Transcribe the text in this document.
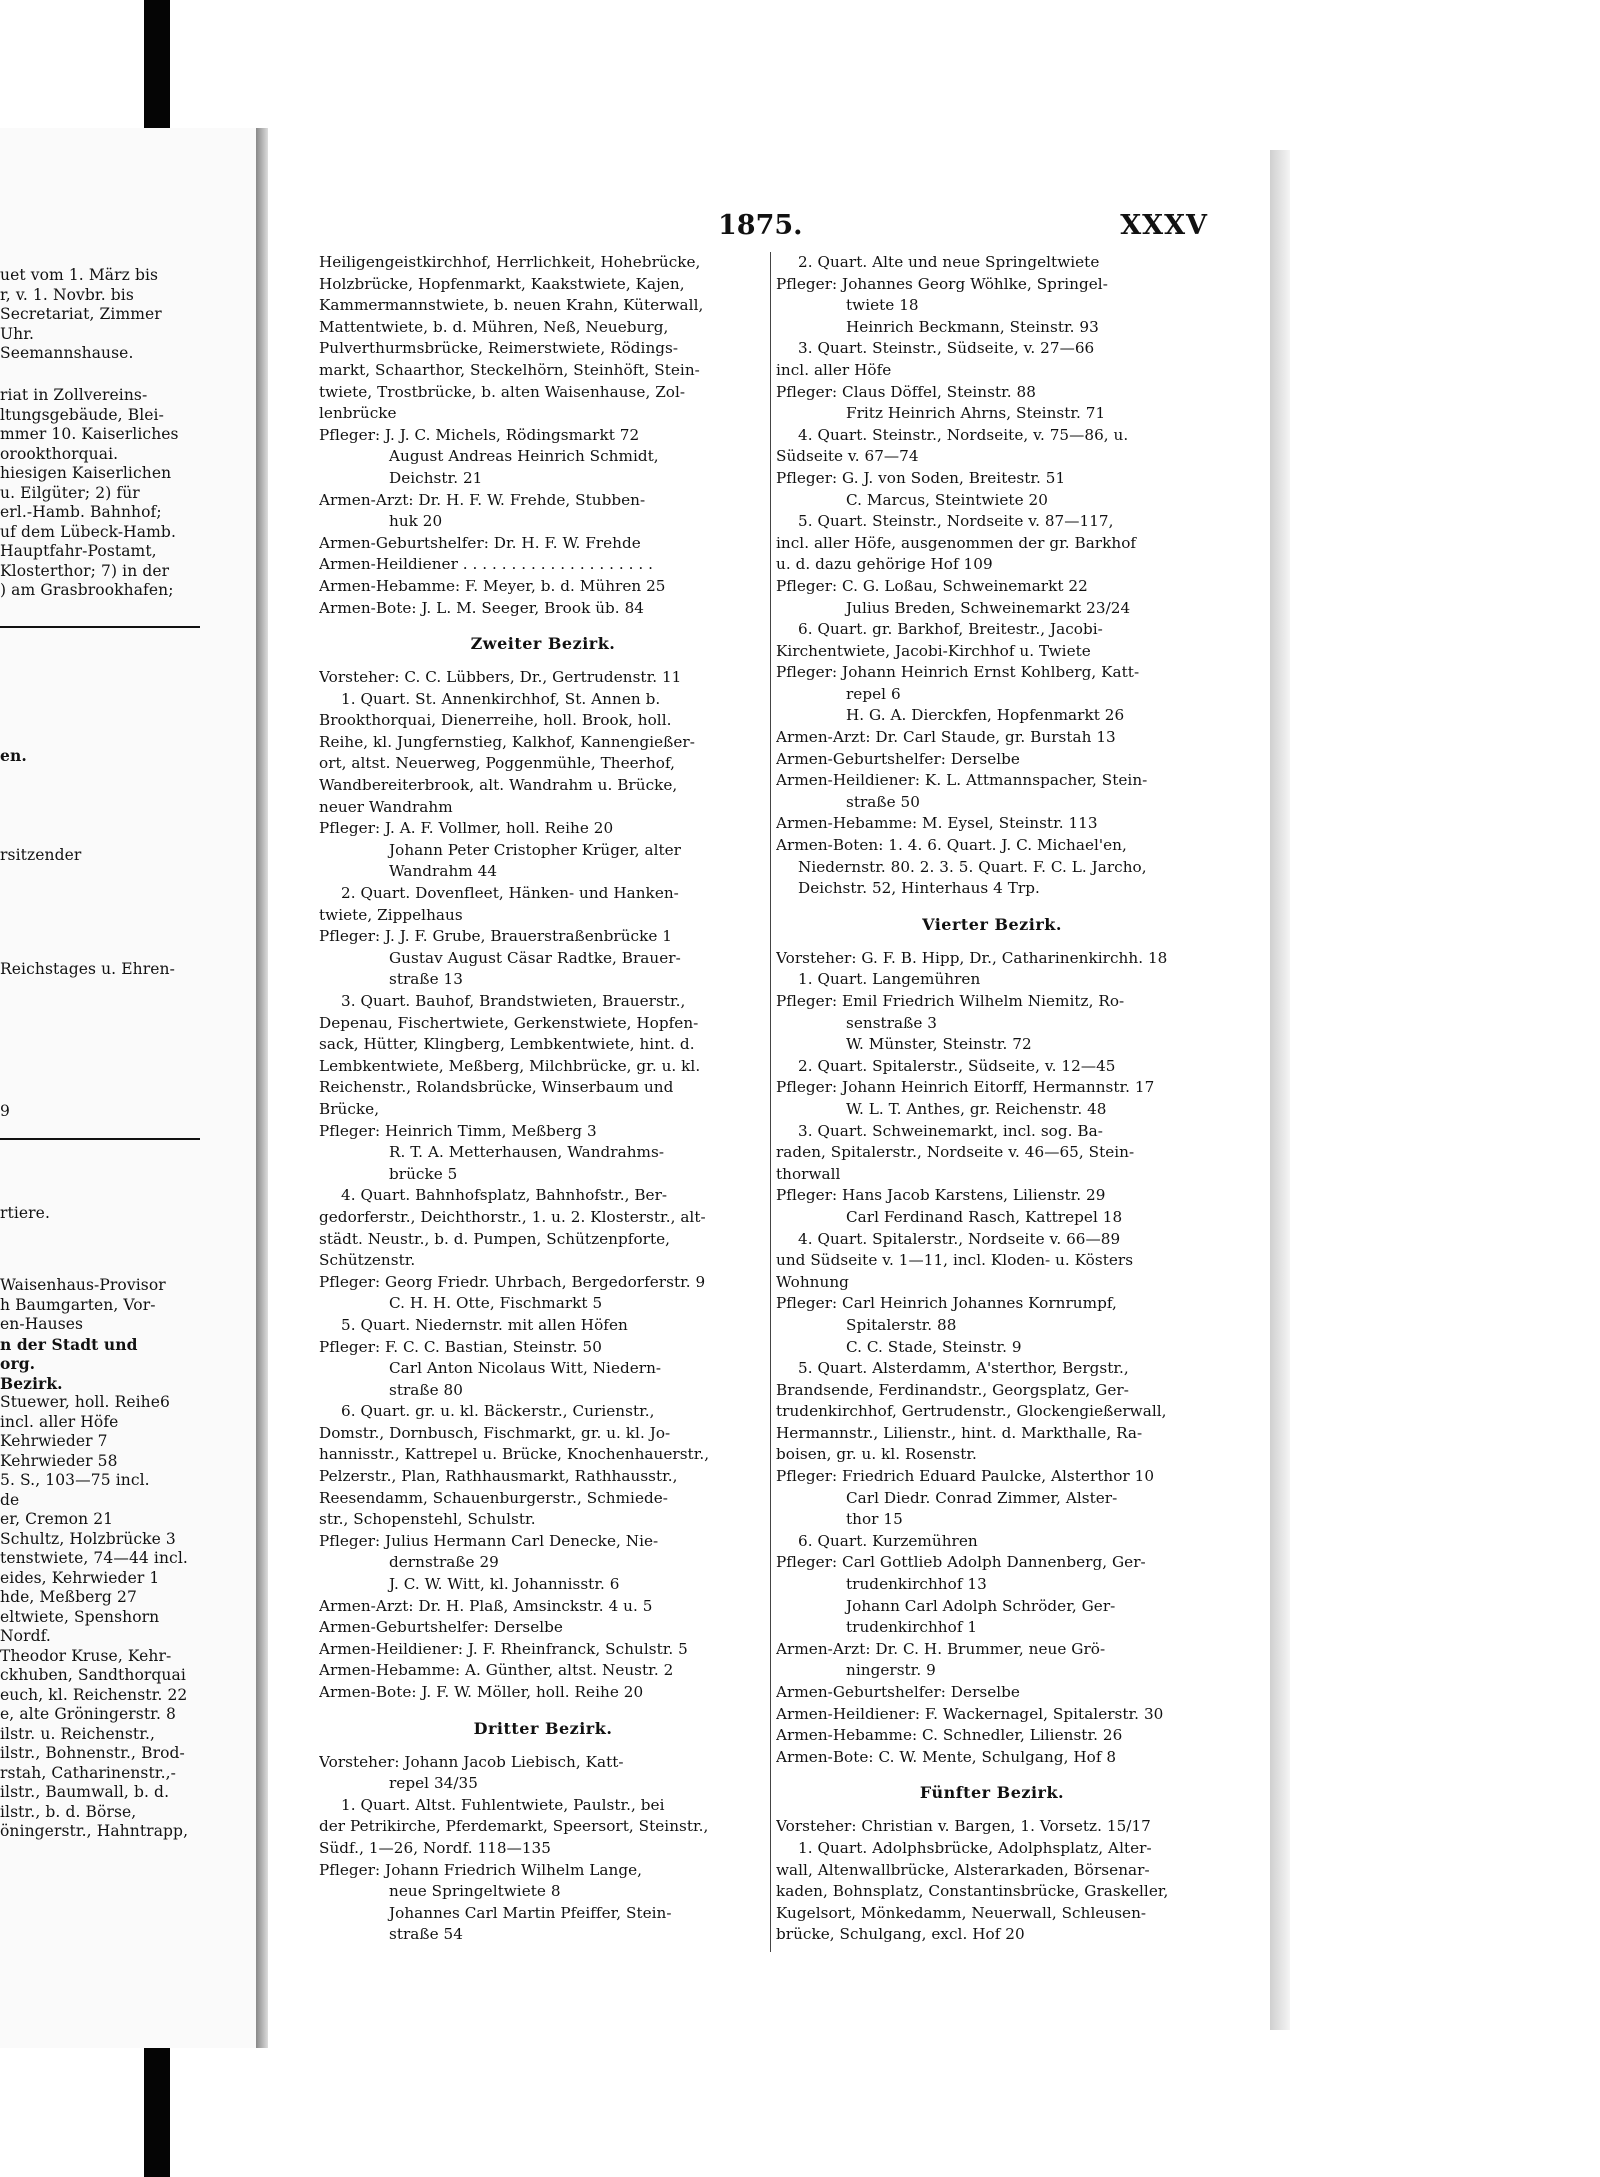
uet vom 1. März bis
r, v. 1. Novbr. bis
Secretariat, Zimmer
Uhr.
Seemannshause.
riat in Zollvereins-
ltungsgebäude, Blei-
mmer 10. Kaiserliches
orookthorquai.
hiesigen Kaiserlichen
u. Eilgüter; 2) für
erl.-Hamb. Bahnhof;
uf dem Lübeck-Hamb.
Hauptfahr-Postamt,
Klosterthor; 7) in der
) am Grasbrookhafen;
en.
rsitzender
Reichstages u. Ehren-
9
rtiere.
Waisenhaus-Provisor
h Baumgarten, Vor-
en-Hauses
n der Stadt und
org.
Bezirk.
Stuewer, holl. Reihe6
incl. aller Höfe
Kehrwieder 7
Kehrwieder 58
5. S., 103—75 incl.
de
er, Cremon 21
Schultz, Holzbrücke 3
tenstwiete, 74—44 incl.
eides, Kehrwieder 1
hde, Meßberg 27
eltwiete, Spenshorn
Nordf.
Theodor Kruse, Kehr-
ckhuben, Sandthorquai
euch, kl. Reichenstr. 22
e, alte Gröningerstr. 8
ilstr. u. Reichenstr.,
ilstr., Bohnenstr., Brod-
rstah, Catharinenstr.,-
ilstr., Baumwall, b. d.
ilstr., b. d. Börse,
öningerstr., Hahntrapp,
1875.	XXXV
Heiligengeistkirchhof, Herrlichkeit, Hohebrücke,
Holzbrücke, Hopfenmarkt, Kaakstwiete, Kajen,
Kammermannstwiete, b. neuen Krahn, Küterwall,
Mattentwiete, b. d. Mühren, Neß, Neueburg,
Pulverthurmsbrücke, Reimerstwiete, Rödings-
markt, Schaarthor, Steckelhörn, Steinhöft, Stein-
twiete, Trostbrücke, b. alten Waisenhause, Zol-
lenbrücke
Pfleger: J. J. C. Michels, Rödingsmarkt 72
August Andreas Heinrich Schmidt,
Deichstr. 21
Armen-Arzt: Dr. H. F. W. Frehde, Stubben-
huk 20
Armen-Geburtshelfer: Dr. H. F. W. Frehde
Armen-Heildiener . . . . . . . . . . . . . . . . . . . .
Armen-Hebamme: F. Meyer, b. d. Mühren 25
Armen-Bote: J. L. M. Seeger, Brook üb. 84
Zweiter Bezirk.
Vorsteher: C. C. Lübbers, Dr., Gertrudenstr. 11
1. Quart. St. Annenkirchhof, St. Annen b.
Brookthorquai, Dienerreihe, holl. Brook, holl.
Reihe, kl. Jungfernstieg, Kalkhof, Kannengießer-
ort, altst. Neuerweg, Poggenmühle, Theerhof,
Wandbereiterbrook, alt. Wandrahm u. Brücke,
neuer Wandrahm
Pfleger: J. A. F. Vollmer, holl. Reihe 20
Johann Peter Cristopher Krüger, alter
Wandrahm 44
2. Quart. Dovenfleet, Hänken- und Hanken-
twiete, Zippelhaus
Pfleger: J. J. F. Grube, Brauerstraßenbrücke 1
Gustav August Cäsar Radtke, Brauer-
straße 13
3. Quart. Bauhof, Brandstwieten, Brauerstr.,
Depenau, Fischertwiete, Gerkenstwiete, Hopfen-
sack, Hütter, Klingberg, Lembkentwiete, hint. d.
Lembkentwiete, Meßberg, Milchbrücke, gr. u. kl.
Reichenstr., Rolandsbrücke, Winserbaum und
Brücke,
Pfleger: Heinrich Timm, Meßberg 3
R. T. A. Metterhausen, Wandrahms-
brücke 5
4. Quart. Bahnhofsplatz, Bahnhofstr., Ber-
gedorferstr., Deichthorstr., 1. u. 2. Klosterstr., alt-
städt. Neustr., b. d. Pumpen, Schützenpforte,
Schützenstr.
Pfleger: Georg Friedr. Uhrbach, Bergedorferstr. 9
C. H. H. Otte, Fischmarkt 5
5. Quart. Niedernstr. mit allen Höfen
Pfleger: F. C. C. Bastian, Steinstr. 50
Carl Anton Nicolaus Witt, Niedern-
straße 80
6. Quart. gr. u. kl. Bäckerstr., Curienstr.,
Domstr., Dornbusch, Fischmarkt, gr. u. kl. Jo-
hannisstr., Kattrepel u. Brücke, Knochenhauerstr.,
Pelzerstr., Plan, Rathhausmarkt, Rathhausstr.,
Reesendamm, Schauenburgerstr., Schmiede-
str., Schopenstehl, Schulstr.
Pfleger: Julius Hermann Carl Denecke, Nie-
dernstraße 29
J. C. W. Witt, kl. Johannisstr. 6
Armen-Arzt: Dr. H. Plaß, Amsinckstr. 4 u. 5
Armen-Geburtshelfer: Derselbe
Armen-Heildiener: J. F. Rheinfranck, Schulstr. 5
Armen-Hebamme: A. Günther, altst. Neustr. 2
Armen-Bote: J. F. W. Möller, holl. Reihe 20
Dritter Bezirk.
Vorsteher: Johann Jacob Liebisch, Katt-
repel 34/35
1. Quart. Altst. Fuhlentwiete, Paulstr., bei
der Petrikirche, Pferdemarkt, Speersort, Steinstr.,
Südf., 1—26, Nordf. 118—135
Pfleger: Johann Friedrich Wilhelm Lange,
neue Springeltwiete 8
Johannes Carl Martin Pfeiffer, Stein-
straße 54
2. Quart. Alte und neue Springeltwiete
Pfleger: Johannes Georg Wöhlke, Springel-
twiete 18
Heinrich Beckmann, Steinstr. 93
3. Quart. Steinstr., Südseite, v. 27—66
incl. aller Höfe
Pfleger: Claus Döffel, Steinstr. 88
Fritz Heinrich Ahrns, Steinstr. 71
4. Quart. Steinstr., Nordseite, v. 75—86, u.
Südseite v. 67—74
Pfleger: G. J. von Soden, Breitestr. 51
C. Marcus, Steintwiete 20
5. Quart. Steinstr., Nordseite v. 87—117,
incl. aller Höfe, ausgenommen der gr. Barkhof
u. d. dazu gehörige Hof 109
Pfleger: C. G. Loßau, Schweinemarkt 22
Julius Breden, Schweinemarkt 23/24
6. Quart. gr. Barkhof, Breitestr., Jacobi-
Kirchentwiete, Jacobi-Kirchhof u. Twiete
Pfleger: Johann Heinrich Ernst Kohlberg, Katt-
repel 6
H. G. A. Dierckfen, Hopfenmarkt 26
Armen-Arzt: Dr. Carl Staude, gr. Burstah 13
Armen-Geburtshelfer: Derselbe
Armen-Heildiener: K. L. Attmannspacher, Stein-
straße 50
Armen-Hebamme: M. Eysel, Steinstr. 113
Armen-Boten: 1. 4. 6. Quart. J. C. Michael'en,
Niedernstr. 80. 2. 3. 5. Quart. F. C. L. Jarcho,
Deichstr. 52, Hinterhaus 4 Trp.
Vierter Bezirk.
Vorsteher: G. F. B. Hipp, Dr., Catharinenkirchh. 18
1. Quart. Langemühren
Pfleger: Emil Friedrich Wilhelm Niemitz, Ro-
senstraße 3
W. Münster, Steinstr. 72
2. Quart. Spitalerstr., Südseite, v. 12—45
Pfleger: Johann Heinrich Eitorff, Hermannstr. 17
W. L. T. Anthes, gr. Reichenstr. 48
3. Quart. Schweinemarkt, incl. sog. Ba-
raden, Spitalerstr., Nordseite v. 46—65, Stein-
thorwall
Pfleger: Hans Jacob Karstens, Lilienstr. 29
Carl Ferdinand Rasch, Kattrepel 18
4. Quart. Spitalerstr., Nordseite v. 66—89
und Südseite v. 1—11, incl. Kloden- u. Kösters
Wohnung
Pfleger: Carl Heinrich Johannes Kornrumpf,
Spitalerstr. 88
C. C. Stade, Steinstr. 9
5. Quart. Alsterdamm, A'sterthor, Bergstr.,
Brandsende, Ferdinandstr., Georgsplatz, Ger-
trudenkirchhof, Gertrudenstr., Glockengießerwall,
Hermannstr., Lilienstr., hint. d. Markthalle, Ra-
boisen, gr. u. kl. Rosenstr.
Pfleger: Friedrich Eduard Paulcke, Alsterthor 10
Carl Diedr. Conrad Zimmer, Alster-
thor 15
6. Quart. Kurzemühren
Pfleger: Carl Gottlieb Adolph Dannenberg, Ger-
trudenkirchhof 13
Johann Carl Adolph Schröder, Ger-
trudenkirchhof 1
Armen-Arzt: Dr. C. H. Brummer, neue Grö-
ningerstr. 9
Armen-Geburtshelfer: Derselbe
Armen-Heildiener: F. Wackernagel, Spitalerstr. 30
Armen-Hebamme: C. Schnedler, Lilienstr. 26
Armen-Bote: C. W. Mente, Schulgang, Hof 8
Fünfter Bezirk.
Vorsteher: Christian v. Bargen, 1. Vorsetz. 15/17
1. Quart. Adolphsbrücke, Adolphsplatz, Alter-
wall, Altenwallbrücke, Alsterarkaden, Börsenar-
kaden, Bohnsplatz, Constantinsbrücke, Graskeller,
Kugelsort, Mönkedamm, Neuerwall, Schleusen-
brücke, Schulgang, excl. Hof 20
